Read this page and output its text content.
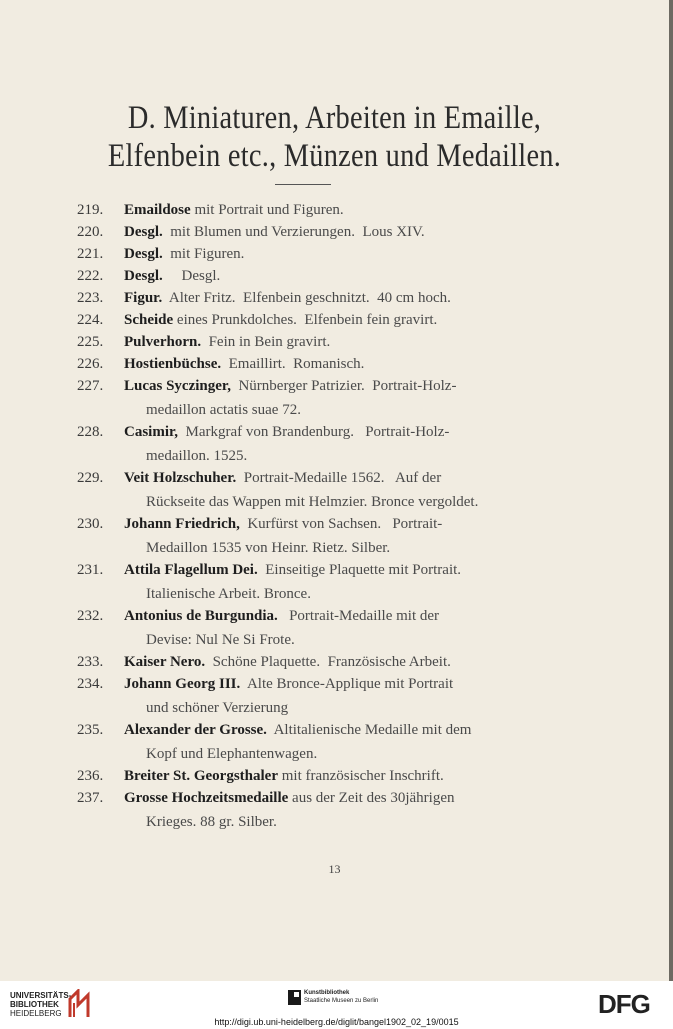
D. Miniaturen, Arbeiten in Emaille,
Elfenbein etc., Münzen und Medaillen.
219. Emaildose mit Portrait und Figuren.
220. Desgl.  mit Blumen und Verzierungen.  Lous XIV.
221. Desgl.  mit Figuren.
222. Desgl.     Desgl.
223. Figur.  Alter Fritz.  Elfenbein geschnitzt.  40 cm hoch.
224. Scheide eines Prunkdolches.  Elfenbein fein gravirt.
225. Pulverhorn.  Fein in Bein gravirt.
226. Hostienbüchse.  Emaillirt.  Romanisch.
227. Lucas Syczinger,  Nürnberger Patrizier.  Portrait-Holz-
medaillon actatis suae 72.
228. Casimir,  Markgraf von Brandenburg.   Portrait-Holz-
medaillon. 1525.
229. Veit Holzschuher.  Portrait-Medaille 1562.   Auf der
Rückseite das Wappen mit Helmzier. Bronce vergoldet.
230. Johann Friedrich,  Kurfürst von Sachsen.   Portrait-
Medaillon 1535 von Heinr. Rietz. Silber.
231. Attila Flagellum Dei.  Einseitige Plaquette mit Portrait.
Italienische Arbeit. Bronce.
232. Antonius de Burgundia.   Portrait-Medaille mit der
Devise: Nul Ne Si Frote.
233. Kaiser Nero.  Schöne Plaquette.  Französische Arbeit.
234. Johann Georg III.  Alte Bronce-Applique mit Portrait
und schöner Verzierung
235. Alexander der Grosse.  Altitalienische Medaille mit dem
Kopf und Elephantenwagen.
236. Breiter St. Georgsthaler mit französischer Inschrift.
237. Grosse Hochzeitsmedaille aus der Zeit des 30jährigen
Krieges. 88 gr. Silber.
13
UNIVERSITÄTS-
BIBLIOTHEK
HEIDELBERG
Kunstbibliothek
Staatliche Museen zu Berlin	DFG
http://digi.ub.uni-heidelberg.de/diglit/bangel1902_02_19/0015
